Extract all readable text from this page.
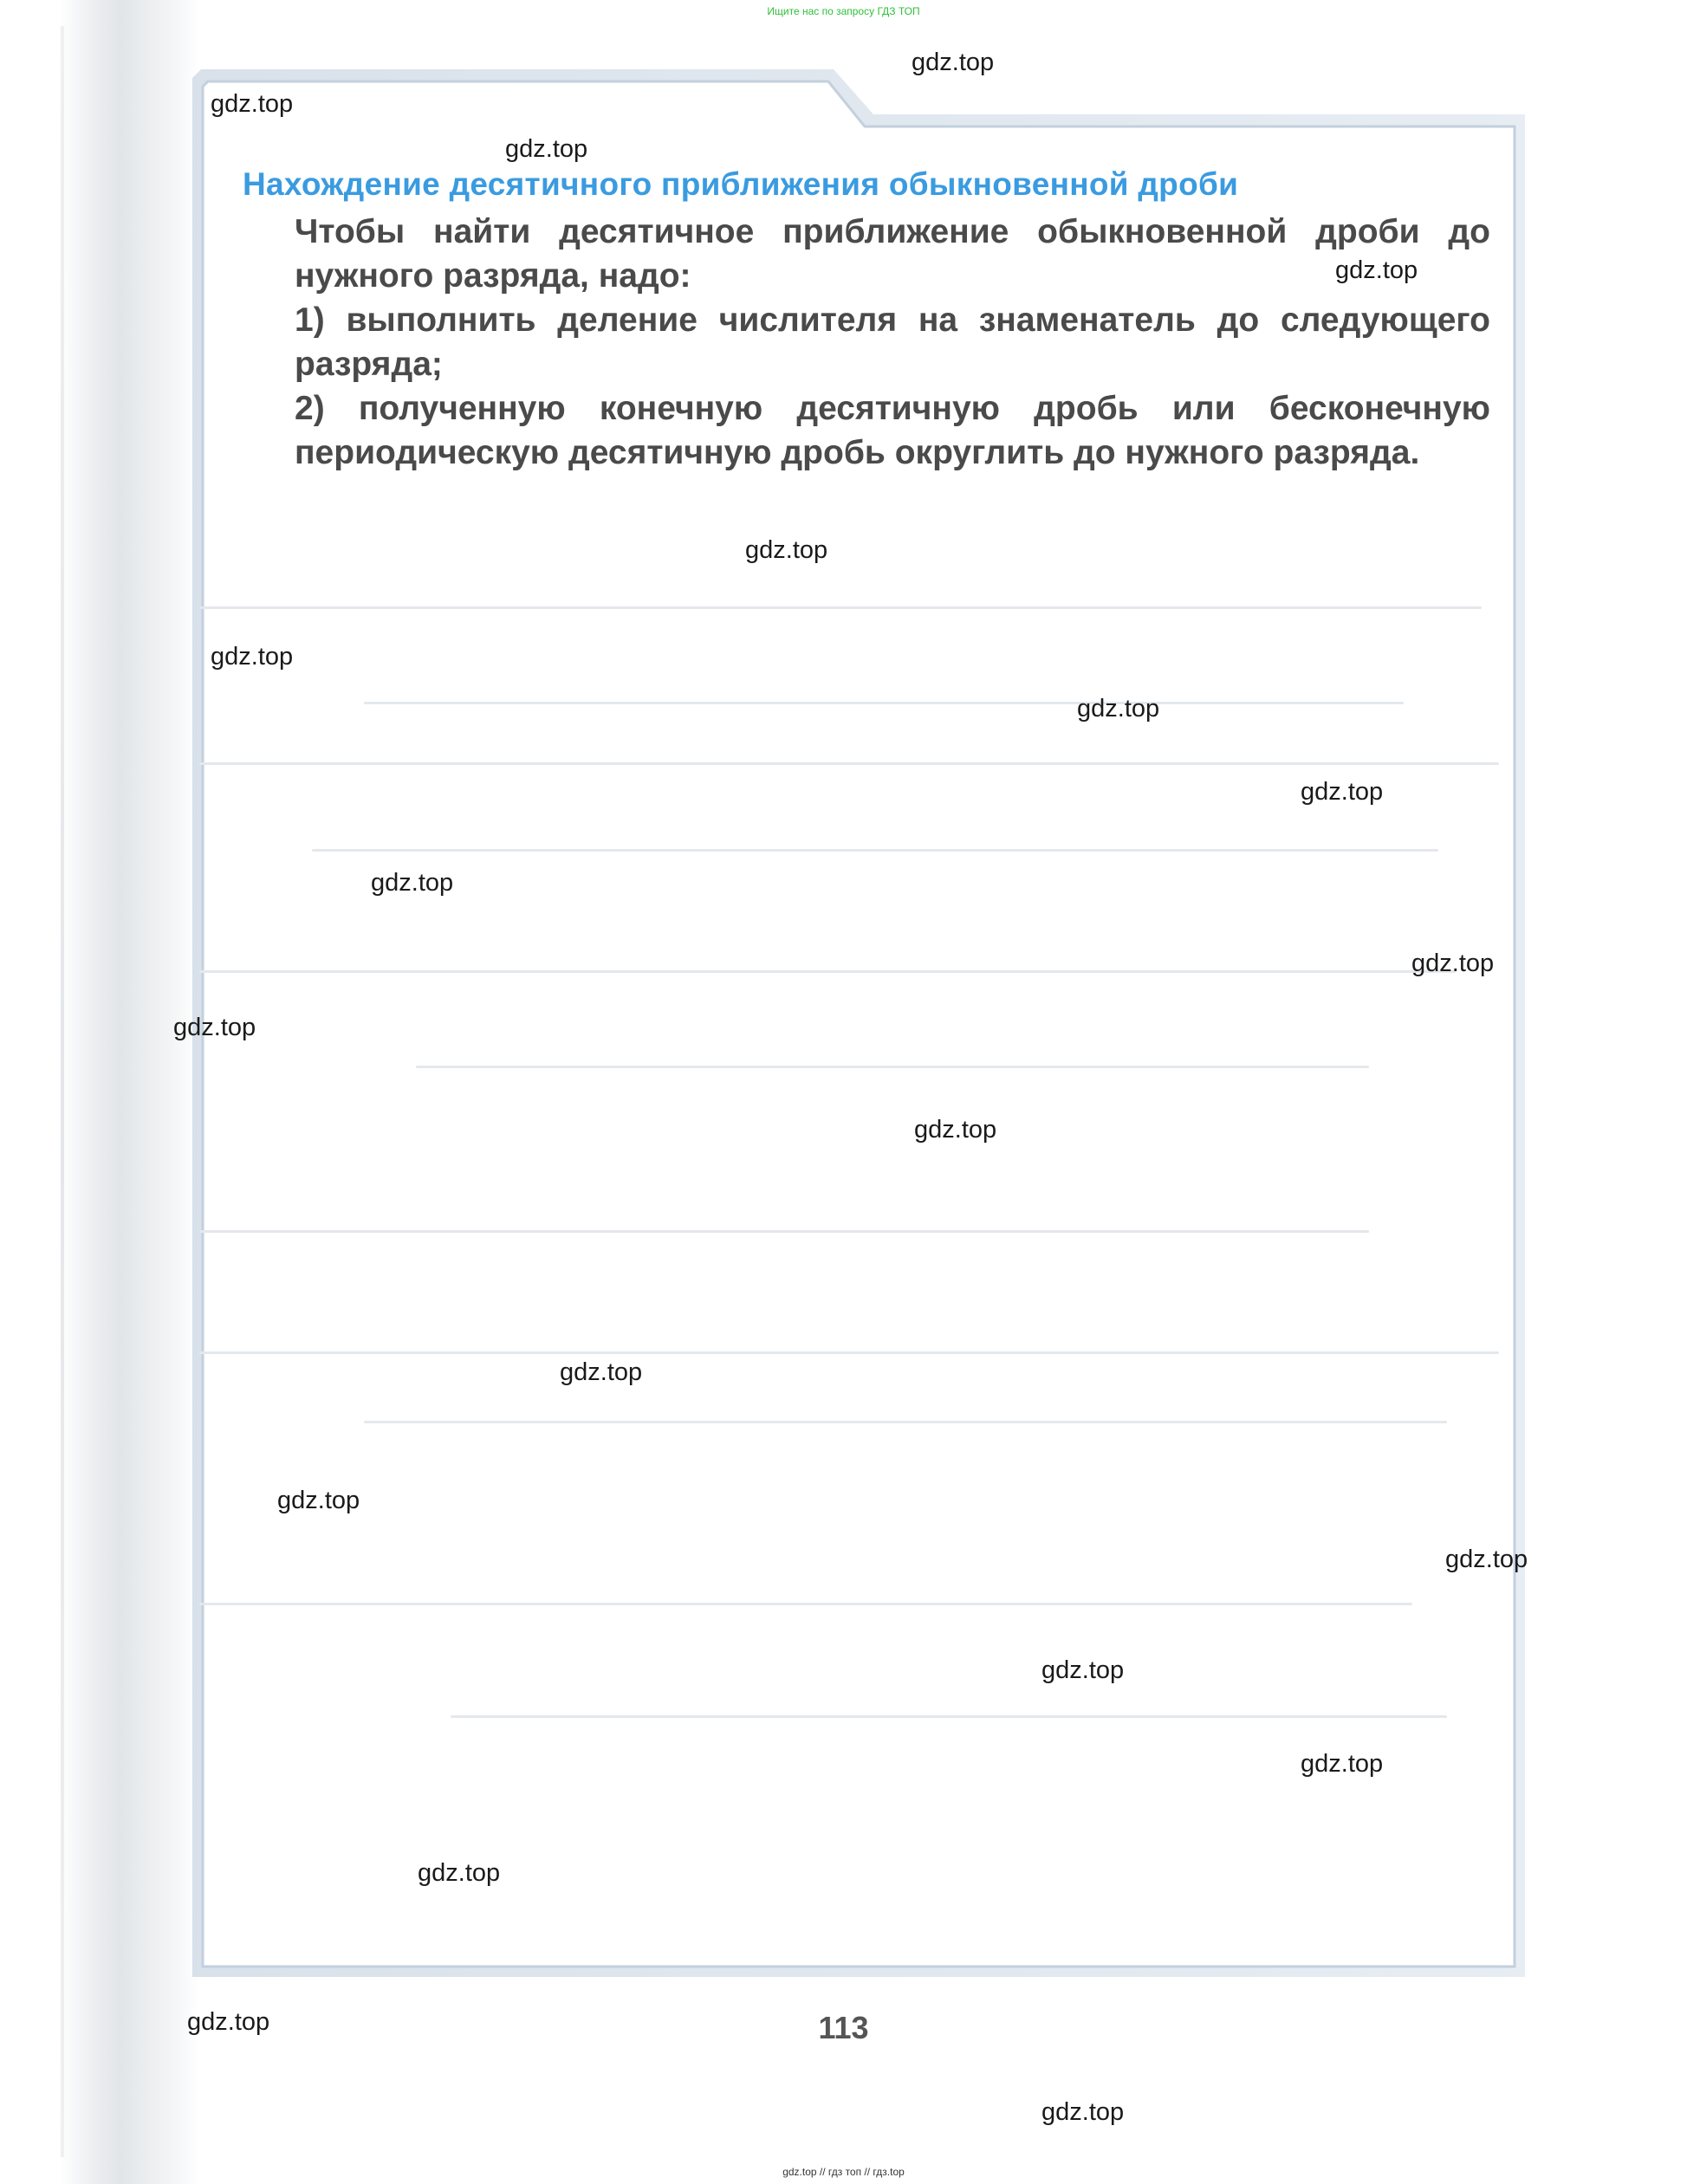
Ищите нас по запросу ГДЗ ТОП
Нахождение десятичного приближения обыкновенной дроби

Чтобы найти десятичное приближение обыкновенной дроби до нужного разряда, надо:

1) выполнить деление числителя на знаменатель до следующего разряда;

2) полученную конечную десятичную дробь или бесконечную периодическую десятичную дробь округлить до нужного разряда.

113
gdz.top // гдз топ // гдз.top
gdz.top
gdz.top
gdz.top
gdz.top
gdz.top
gdz.top
gdz.top
gdz.top
gdz.top
gdz.top
gdz.top
gdz.top
gdz.top
gdz.top
gdz.top
gdz.top
gdz.top
gdz.top
gdz.top
gdz.top
